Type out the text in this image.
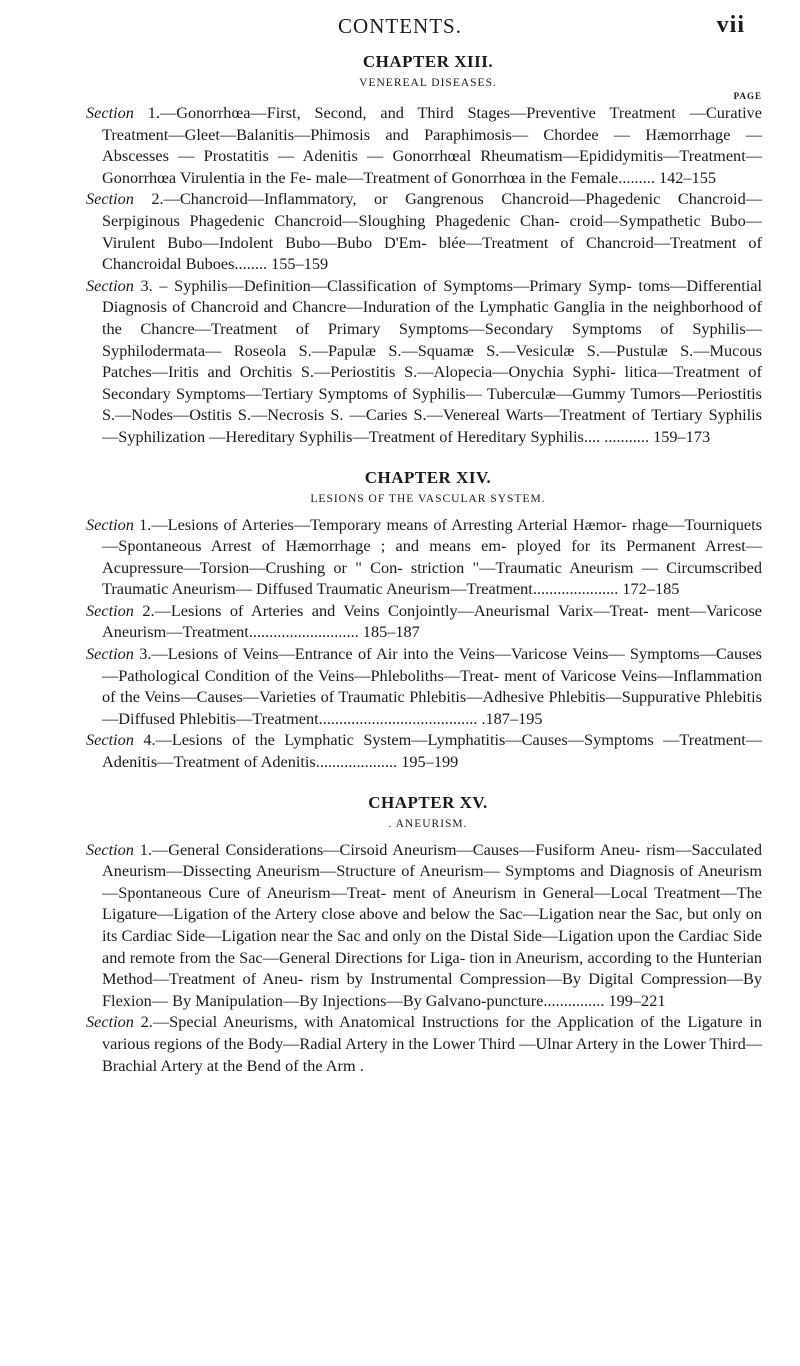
CONTENTS.	vii
CHAPTER XIII.
VENEREAL DISEASES.
PAGE

Section 1.—Gonorrhœa—First, Second, and Third Stages—Preventive Treatment —Curative Treatment—Gleet—Balanitis—Phimosis and Paraphimosis— Chordee — Hæmorrhage — Abscesses — Prostatitis — Adenitis — Gonorrhœal Rheumatism—Epididymitis—Treatment—Gonorrhœa Virulentia in the Fe- male—Treatment of Gonorrhœa in the Female......... 142–155

Section 2.—Chancroid—Inflammatory, or Gangrenous Chancroid—Phagedenic Chancroid—Serpiginous Phagedenic Chancroid—Sloughing Phagedenic Chan- croid—Sympathetic Bubo—Virulent Bubo—Indolent Bubo—Bubo D'Em- blée—Treatment of Chancroid—Treatment of Chancroidal Buboes........ 155–159

Section 3. – Syphilis—Definition—Classification of Symptoms—Primary Symp- toms—Differential Diagnosis of Chancroid and Chancre—Induration of the Lymphatic Ganglia in the neighborhood of the Chancre—Treatment of Primary Symptoms—Secondary Symptoms of Syphilis—Syphilodermata— Roseola S.—Papulæ S.—Squamæ S.—Vesiculæ S.—Pustulæ S.—Mucous Patches—Iritis and Orchitis S.—Periostitis S.—Alopecia—Onychia Syphi- litica—Treatment of Secondary Symptoms—Tertiary Symptoms of Syphilis— Tuberculæ—Gummy Tumors—Periostitis S.—Nodes—Ostitis S.—Necrosis S. —Caries S.—Venereal Warts—Treatment of Tertiary Syphilis—Syphilization —Hereditary Syphilis—Treatment of Hereditary Syphilis.... ........... 159–173

CHAPTER XIV.
LESIONS OF THE VASCULAR SYSTEM.

Section 1.—Lesions of Arteries—Temporary means of Arresting Arterial Hæmor- rhage—Tourniquets—Spontaneous Arrest of Hæmorrhage ; and means em- ployed for its Permanent Arrest—Acupressure—Torsion—Crushing or " Con- striction "—Traumatic Aneurism — Circumscribed Traumatic Aneurism— Diffused Traumatic Aneurism—Treatment..................... 172–185

Section 2.—Lesions of Arteries and Veins Conjointly—Aneurismal Varix—Treat- ment—Varicose Aneurism—Treatment........................... 185–187

Section 3.—Lesions of Veins—Entrance of Air into the Veins—Varicose Veins— Symptoms—Causes—Pathological Condition of the Veins—Phleboliths—Treat- ment of Varicose Veins—Inflammation of the Veins—Causes—Varieties of Traumatic Phlebitis—Adhesive Phlebitis—Suppurative Phlebitis—Diffused Phlebitis—Treatment....................................... .187–195

Section 4.—Lesions of the Lymphatic System—Lymphatitis—Causes—Symptoms —Treatment—Adenitis—Treatment of Adenitis.................... 195–199

CHAPTER XV.
. ANEURISM.

Section 1.—General Considerations—Cirsoid Aneurism—Causes—Fusiform Aneu- rism—Sacculated Aneurism—Dissecting Aneurism—Structure of Aneurism— Symptoms and Diagnosis of Aneurism—Spontaneous Cure of Aneurism—Treat- ment of Aneurism in General—Local Treatment—The Ligature—Ligation of the Artery close above and below the Sac—Ligation near the Sac, but only on its Cardiac Side—Ligation near the Sac and only on the Distal Side—Ligation upon the Cardiac Side and remote from the Sac—General Directions for Liga- tion in Aneurism, according to the Hunterian Method—Treatment of Aneu- rism by Instrumental Compression—By Digital Compression—By Flexion— By Manipulation—By Injections—By Galvano-puncture............... 199–221

Section 2.—Special Aneurisms, with Anatomical Instructions for the Application of the Ligature in various regions of the Body—Radial Artery in the Lower Third —Ulnar Artery in the Lower Third—Brachial Artery at the Bend of the Arm .
